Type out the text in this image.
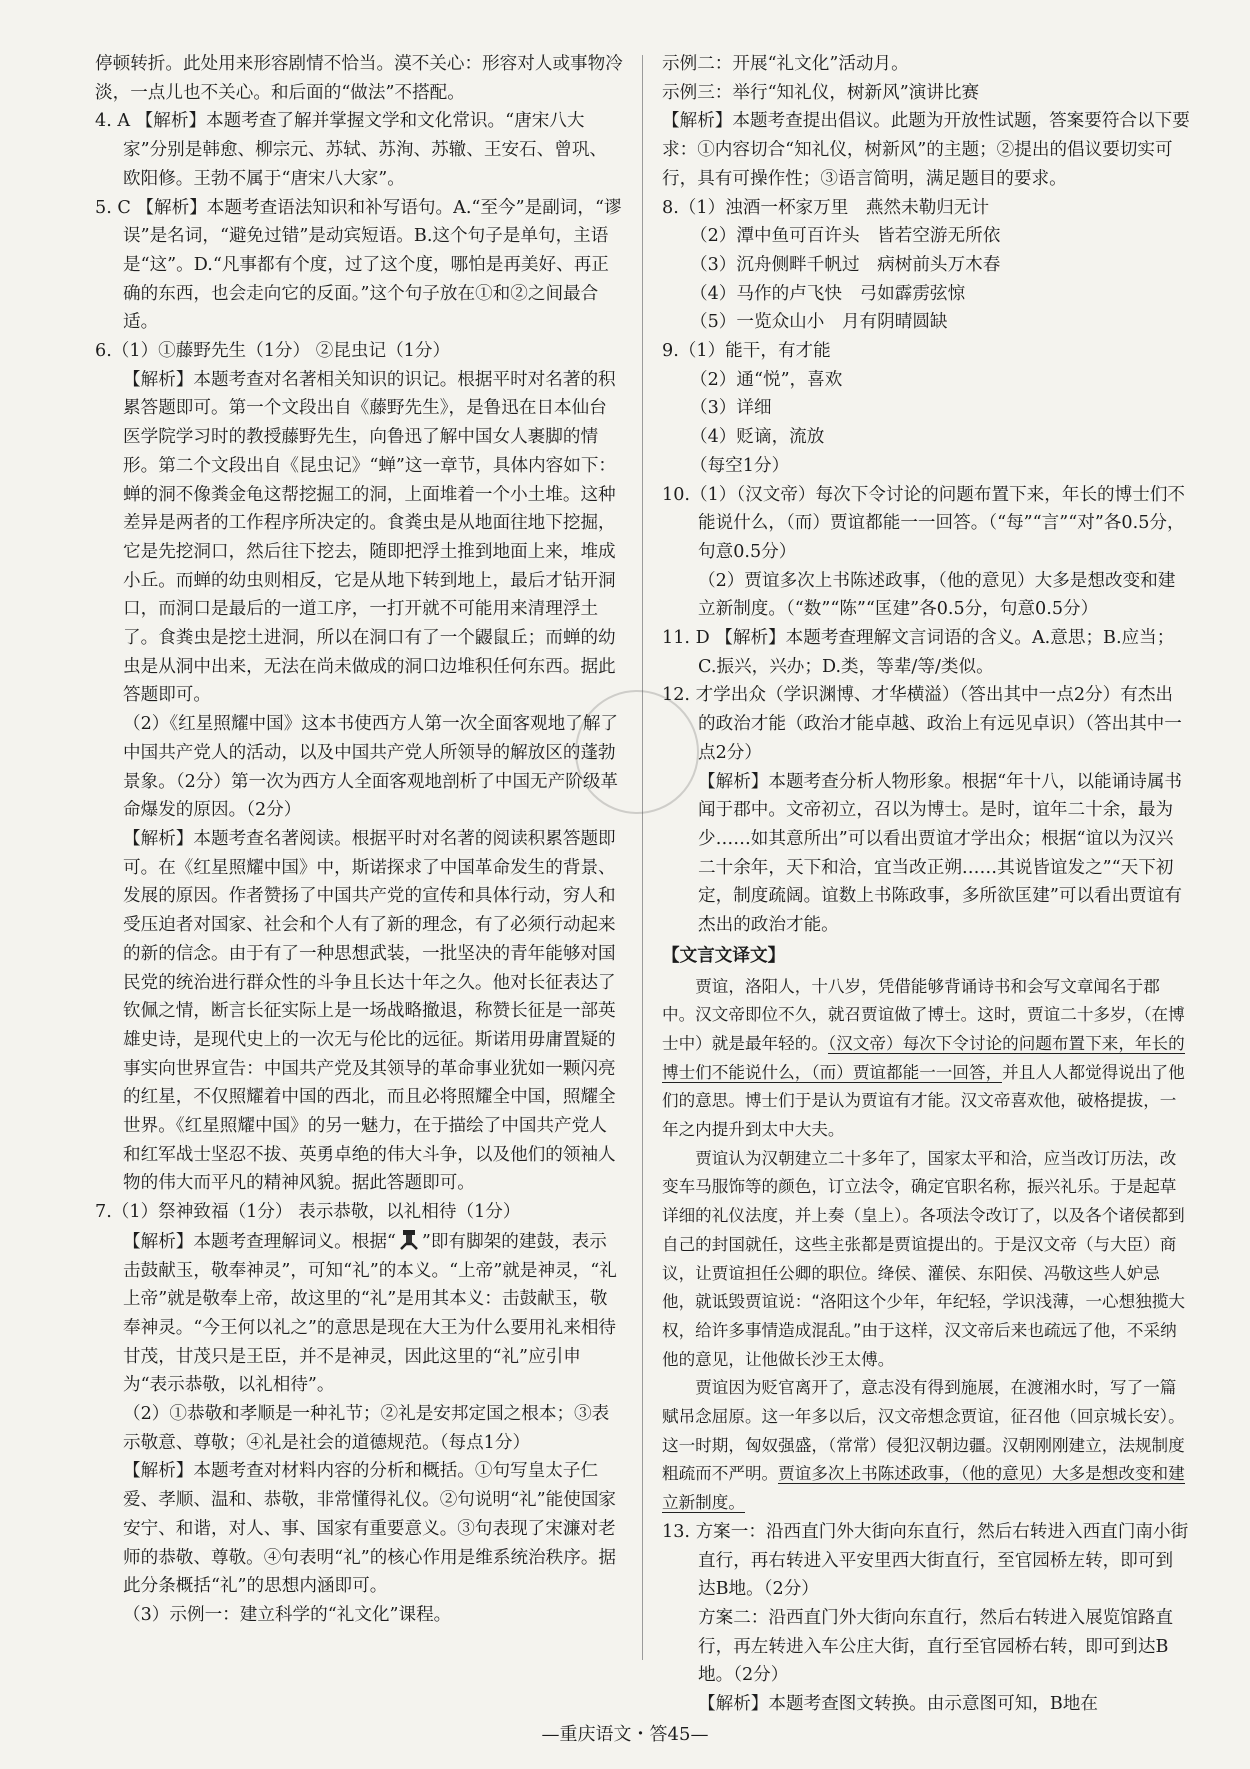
停顿转折。此处用来形容剧情不恰当。漠不关心：形容对人或事物冷淡，一点儿也不关心。和后面的“做法”不搭配。

4. A 【解析】本题考查了解并掌握文学和文化常识。“唐宋八大家”分别是韩愈、柳宗元、苏轼、苏洵、苏辙、王安石、曾巩、欧阳修。王勃不属于“唐宋八大家”。

5. C 【解析】本题考查语法知识和补写语句。A.“至今”是副词，“谬误”是名词，“避免过错”是动宾短语。B.这个句子是单句，主语是“这”。D.“凡事都有个度，过了这个度，哪怕是再美好、再正确的东西，也会走向它的反面。”这个句子放在①和②之间最合适。

6.（1）①藤野先生（1分） ②昆虫记（1分）

【解析】本题考查对名著相关知识的识记。根据平时对名著的积累答题即可。第一个文段出自《藤野先生》，是鲁迅在日本仙台医学院学习时的教授藤野先生，向鲁迅了解中国女人裹脚的情形。第二个文段出自《昆虫记》“蝉”这一章节，具体内容如下：蝉的洞不像粪金龟这帮挖掘工的洞，上面堆着一个小土堆。这种差异是两者的工作程序所决定的。食粪虫是从地面往地下挖掘，它是先挖洞口，然后往下挖去，随即把浮土推到地面上来，堆成小丘。而蝉的幼虫则相反，它是从地下转到地上，最后才钻开洞口，而洞口是最后的一道工序，一打开就不可能用来清理浮土了。食粪虫是挖土进洞，所以在洞口有了一个鼹鼠丘；而蝉的幼虫是从洞中出来，无法在尚未做成的洞口边堆积任何东西。据此答题即可。

（2）《红星照耀中国》这本书使西方人第一次全面客观地了解了中国共产党人的活动，以及中国共产党人所领导的解放区的蓬勃景象。（2分）第一次为西方人全面客观地剖析了中国无产阶级革命爆发的原因。（2分）

【解析】本题考查名著阅读。根据平时对名著的阅读积累答题即可。在《红星照耀中国》中，斯诺探求了中国革命发生的背景、发展的原因。作者赞扬了中国共产党的宣传和具体行动，穷人和受压迫者对国家、社会和个人有了新的理念，有了必须行动起来的新的信念。由于有了一种思想武装，一批坚决的青年能够对国民党的统治进行群众性的斗争且长达十年之久。他对长征表达了钦佩之情，断言长征实际上是一场战略撤退，称赞长征是一部英雄史诗，是现代史上的一次无与伦比的远征。斯诺用毋庸置疑的事实向世界宣告：中国共产党及其领导的革命事业犹如一颗闪亮的红星，不仅照耀着中国的西北，而且必将照耀全中国，照耀全世界。《红星照耀中国》的另一魅力，在于描绘了中国共产党人和红军战士坚忍不拔、英勇卓绝的伟大斗争，以及他们的领袖人物的伟大而平凡的精神风貌。据此答题即可。

7.（1）祭神致福（1分） 表示恭敬，以礼相待（1分）

【解析】本题考查理解词义。根据“ ”即有脚架的建鼓，表示击鼓献玉，敬奉神灵”，可知“礼”的本义。“上帝”就是神灵，“礼上帝”就是敬奉上帝，故这里的“礼”是用其本义：击鼓献玉，敬奉神灵。“今王何以礼之”的意思是现在大王为什么要用礼来相待甘茂，甘茂只是王臣，并不是神灵，因此这里的“礼”应引申为“表示恭敬，以礼相待”。

（2）①恭敬和孝顺是一种礼节；②礼是安邦定国之根本；③表示敬意、尊敬；④礼是社会的道德规范。（每点1分）

【解析】本题考查对材料内容的分析和概括。①句写皇太子仁爱、孝顺、温和、恭敬，非常懂得礼仪。②句说明“礼”能使国家安宁、和谐，对人、事、国家有重要意义。③句表现了宋濂对老师的恭敬、尊敬。④句表明“礼”的核心作用是维系统治秩序。据此分条概括“礼”的思想内涵即可。

（3）示例一：建立科学的“礼文化”课程。

示例二：开展“礼文化”活动月。

示例三：举行“知礼仪，树新风”演讲比赛

【解析】本题考查提出倡议。此题为开放性试题，答案要符合以下要求：①内容切合“知礼仪，树新风”的主题；②提出的倡议要切实可行，具有可操作性；③语言简明，满足题目的要求。

8.（1）浊酒一杯家万里　燕然未勒归无计

（2）潭中鱼可百许头　皆若空游无所依

（3）沉舟侧畔千帆过　病树前头万木春

（4）马作的卢飞快　弓如霹雳弦惊

（5）一览众山小　月有阴晴圆缺

9.（1）能干，有才能

（2）通“悦”，喜欢

（3）详细

（4）贬谪，流放

（每空1分）

10.（1）（汉文帝）每次下令讨论的问题布置下来，年长的博士们不能说什么，（而）贾谊都能一一回答。（“每”“言”“对”各0.5分，句意0.5分）

（2）贾谊多次上书陈述政事，（他的意见）大多是想改变和建立新制度。（“数”“陈”“匡建”各0.5分，句意0.5分）

11. D 【解析】本题考查理解文言词语的含义。A.意思；B.应当；C.振兴，兴办；D.类，等辈/等/类似。

12. 才学出众（学识渊博、才华横溢）（答出其中一点2分）有杰出的政治才能（政治才能卓越、政治上有远见卓识）（答出其中一点2分）

【解析】本题考查分析人物形象。根据“年十八，以能诵诗属书闻于郡中。文帝初立，召以为博士。是时，谊年二十余，最为少……如其意所出”可以看出贾谊才学出众；根据“谊以为汉兴二十余年，天下和洽，宜当改正朔……其说皆谊发之”“天下初定，制度疏阔。谊数上书陈政事，多所欲匡建”可以看出贾谊有杰出的政治才能。

【文言文译文】

贾谊，洛阳人，十八岁，凭借能够背诵诗书和会写文章闻名于郡中。汉文帝即位不久，就召贾谊做了博士。这时，贾谊二十多岁，（在博士中）就是最年轻的。（汉文帝）每次下令讨论的问题布置下来，年长的博士们不能说什么，（而）贾谊都能一一回答，并且人人都觉得说出了他们的意思。博士们于是认为贾谊有才能。汉文帝喜欢他，破格提拔，一年之内提升到太中大夫。

贾谊认为汉朝建立二十多年了，国家太平和洽，应当改订历法，改变车马服饰等的颜色，订立法令，确定官职名称，振兴礼乐。于是起草详细的礼仪法度，并上奏（皇上）。各项法令改订了，以及各个诸侯都到自己的封国就任，这些主张都是贾谊提出的。于是汉文帝（与大臣）商议，让贾谊担任公卿的职位。绛侯、灌侯、东阳侯、冯敬这些人妒忌他，就诋毁贾谊说：“洛阳这个少年，年纪轻，学识浅薄，一心想独揽大权，给许多事情造成混乱。”由于这样，汉文帝后来也疏远了他，不采纳他的意见，让他做长沙王太傅。

贾谊因为贬官离开了，意志没有得到施展，在渡湘水时，写了一篇赋吊念屈原。这一年多以后，汉文帝想念贾谊，征召他（回京城长安）。这一时期，匈奴强盛，（常常）侵犯汉朝边疆。汉朝刚刚建立，法规制度粗疏而不严明。贾谊多次上书陈述政事，（他的意见）大多是想改变和建立新制度。

13. 方案一：沿西直门外大街向东直行，然后右转进入西直门南小街直行，再右转进入平安里西大街直行，至官园桥左转，即可到达B地。（2分）

方案二：沿西直门外大街向东直行，然后右转进入展览馆路直行，再左转进入车公庄大街，直行至官园桥右转，即可到达B地。（2分）

【解析】本题考查图文转换。由示意图可知，B地在

—重庆语文・答45—
